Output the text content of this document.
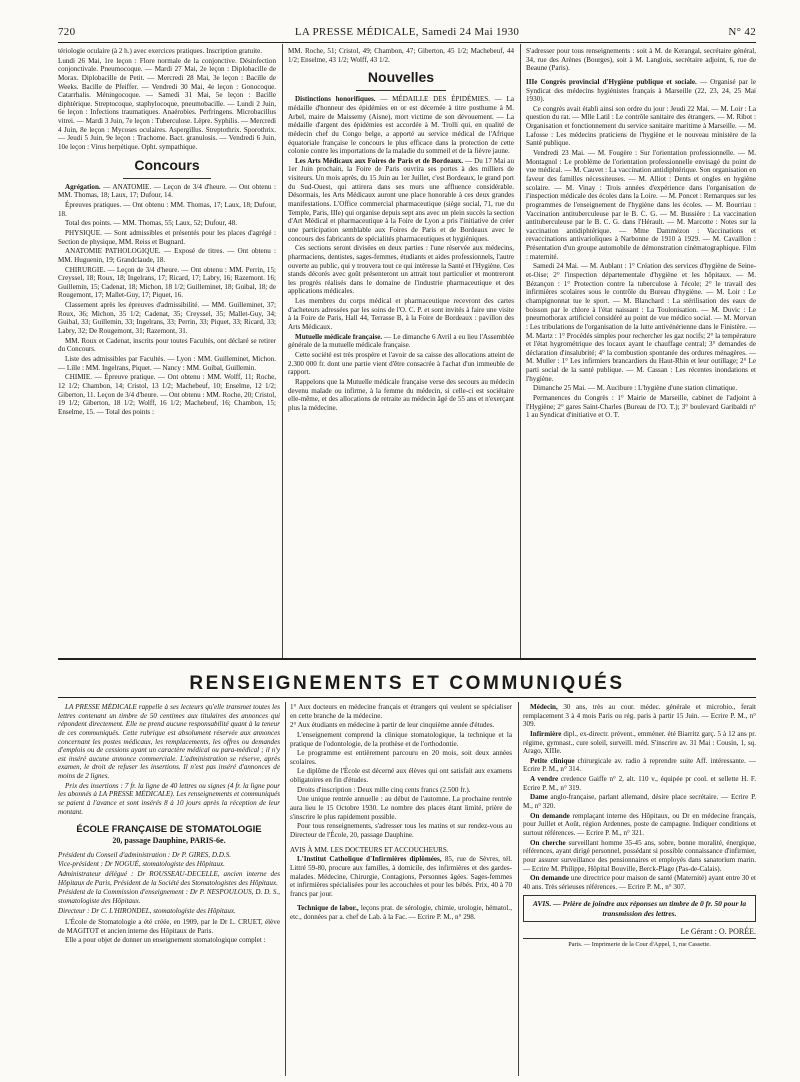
720	LA PRESSE MÉDICALE, Samedi 24 Mai 1930	N° 42

tériologie oculaire (à 2 h.) avec exercices pratiques. Inscription gratuite.

Lundi 26 Mai, 1re leçon : Flore normale de la conjonctive. Désinfection conjonctivale. Pneumocoque. — Mardi 27 Mai, 2e leçon : Diplobacille de Morax. Diplobacille de Petit. — Mercredi 28 Mai, 3e leçon : Bacille de Weeks. Bacille de Pfeiffer. — Vendredi 30 Mai, 4e leçon : Gonocoque. Catarrhalis. Méningocoque. — Samedi 31 Mai, 5e leçon : Bacille diphtérique. Streptocoque, staphylocoque, pneumobacille. — Lundi 2 Juin, 6e leçon : Infections traumatiques. Anaérobies. Perfringens. Microbacillus vitrei. — Mardi 3 Juin, 7e leçon : Tuberculose. Lèpre. Syphilis. — Mercredi 4 Juin, 8e leçon : Mycoses oculaires. Aspergillus. Streptothrix. Sporothrix. — Jeudi 5 Juin, 9e leçon : Trachome. Bact. granulosis. — Vendredi 6 Juin, 10e leçon : Virus herpétique. Opht. sympathique.

Concours

Agrégation. — ANATOMIE. — Leçon de 3/4 d'heure. — Ont obtenu : MM. Thomas, 18; Laux, 17; Dufour, 14.

Épreuves pratiques. — Ont obtenu : MM. Thomas, 17; Laux, 18; Dufour, 18.

Total des points. — MM. Thomas, 55; Laux, 52; Dufour, 48.

PHYSIQUE. — Sont admissibles et présentés pour les places d'agrégé : Section de physique, MM. Reiss et Bugnard.

ANATOMIE PATHOLOGIQUE. — Exposé de titres. — Ont obtenu : MM. Huguenin, 19; Grandclaude, 18.

CHIRURGIE. — Leçon de 3/4 d'heure. — Ont obtenu : MM. Perrin, 15; Creyssel, 18; Roux, 18; Ingelrans, 17; Ricard, 17; Labry, 16; Razemont. 16; Guillemin, 15; Cadenat, 18; Michon, 18 1/2; Guilleminet, 18; Guibal, 18; de Rougemont, 17; Mallet-Guy, 17; Piquet, 16.

Classement après les épreuves d'admissibilité. — MM. Guilleminet, 37; Roux, 36; Michon, 35 1/2; Cadenat, 35; Creyssel, 35; Mallet-Guy, 34; Guibal, 33; Guillemin, 33; Ingelrans, 33; Perrin, 33; Piquet, 33; Ricard, 33; Labry, 32; De Rougemont, 31; Razemont, 31.

MM. Roux et Cadenat, inscrits pour toutes Facultés, ont déclaré se retirer du Concours.

Liste des admissibles par Facultés. — Lyon : MM. Guilleminet, Michon. — Lille : MM. Ingelrans, Piquet. — Nancy : MM. Guibal, Guillemin.

CHIMIE. — Épreuve pratique. — Ont obtenu : MM. Wolff, 11; Roche, 12 1/2; Chambon, 14; Cristol, 13 1/2; Machebeuf, 10; Enselme, 12 1/2; Giberton, 11. Leçon de 3/4 d'heure. — Ont obtenu : MM. Roche, 20; Cristol, 19 1/2; Giberton, 18 1/2; Wolff, 16 1/2; Machebeuf, 16; Chambon, 15; Enselme, 15. — Total des points :

MM. Roche, 51; Cristol, 49; Chambon, 47; Giberton, 45 1/2; Machebeuf, 44 1/2; Enselme, 43 1/2; Wolff, 43 1/2.

Nouvelles

Distinctions honorifiques. — MÉDAILLE DES ÉPIDÉMIES. — La médaille d'honneur des épidémies en or est décernée à titre posthume à M. Arbel, maire de Maissemy (Aisne), mort victime de son dévouement. — La médaille d'argent des épidémies est accordée à M. Trolli qui, en qualité de médecin chef du Congo belge, a apporté au service médical de l'Afrique équatoriale française le concours le plus efficace dans la protection de cette colonie contre les importations de la maladie du sommeil et de la fièvre jaune.

Les Arts Médicaux aux Foires de Paris et de Bordeaux. — Du 17 Mai au 1er Juin prochain, la Foire de Paris ouvrira ses portes à des milliers de visiteurs. Un mois après, du 15 Juin au 1er Juillet, c'est Bordeaux, le grand port du Sud-Ouest, qui attirera dans ses murs une affluence considérable. Désormais, les Arts Médicaux auront une place honorable à ces deux grandes manifestations. L'Office commercial pharmaceutique (siège social, 71, rue du Temple, Paris, IIIe) qui organise depuis sept ans avec un plein succès la section d'Art Médical et pharmaceutique à la Foire de Lyon a pris l'initiative de créer une participation semblable aux Foires de Paris et de Bordeaux avec le concours des fabricants de spécialités pharmaceutiques et hygiéniques.

Ces sections seront divisées en deux parties : l'une réservée aux médecins, pharmaciens, dentistes, sages-femmes, étudiants et aides professionnels, l'autre ouverte au public, qui y trouvera tout ce qui intéresse la Santé et l'Hygiène. Ces stands décorés avec goût présenteront un attrait tout particulier et montreront les progrès réalisés dans le domaine de l'industrie pharmaceutique et des applications médicales.

Les membres du corps médical et pharmaceutique recevront des cartes d'acheteurs adressées par les soins de l'O. C. P. et sont invités à faire une visite à la Foire de Paris, Hall 44, Terrasse B, à la Foire de Bordeaux : pavillon des Arts Médicaux.

Mutuelle médicale française. — Le dimanche 6 Avril a eu lieu l'Assemblée générale de la mutuelle médicale française.

Cette société est très prospère et l'avoir de sa caisse des allocations atteint de 2.300 000 fr. dont une partie vient d'être consacrée à l'achat d'un immeuble de rapport.

Rappelons que la Mutuelle médicale française verse des secours au médecin devenu malade ou infirme, à la femme du médecin, si celle-ci est sociétaire elle-même, et des allocations de retraite au médecin âgé de 55 ans et n'exerçant plus la médecine.

S'adresser pour tous renseignements : soit à M. de Kerangal, secrétaire général, 34, rue des Arènes (Bourges), soit à M. Langlois, secrétaire adjoint, 6, rue de Beaune (Paris).

IIIe Congrès provincial d'Hygiène publique et sociale. — Organisé par le Syndicat des médecins hygiénistes français à Marseille (22, 23, 24, 25 Mai 1930).

Ce congrès avait établi ainsi son ordre du jour : Jeudi 22 Mai. — M. Loir : La question du rat. — Mlle Latil : Le contrôle sanitaire des étrangers. — M. Ribot : Organisation et fonctionnement du service sanitaire maritime à Marseille. — M. Lafosse : Les médecins praticiens de l'hygiène et le nouveau ministère de la Santé publique.

Vendredi 23 Mai. — M. Fougère : Sur l'orientation professionnelle. — M. Montagnol : Le problème de l'orientation professionnelle envisagé du point de vue médical. — M. Cauvet : La vaccination antidiphtérique. Son organisation en faveur des familles nécessiteuses. — M. Alliot : Dents et ongles en hygiène scolaire. — M. Vinay : Trois années d'expérience dans l'organisation de l'inspection médicale des écoles dans la Loire. — M. Poncet : Remarques sur les programmes de l'enseignement de l'hygiène dans les écoles. — M. Bourriau : Vaccination antituberculeuse par le B. C. G. — M. Bussière : La vaccination antituberculeuse par le B. C. G. dans l'Hérault. — M. Marcotte : Notes sur la vaccination antidiphtérique. — Mme Dammézon : Vaccinations et revaccinations antivarioliques à Narbonne de 1910 à 1929. — M. Cavaillon : Présentation d'un groupe automobile de démonstration cinématographique. Film : maternité.

Samedi 24 Mai. — M. Aublant : 1° Création des services d'hygiène de Seine-et-Oise; 2° l'inspection départementale d'hygiène et les hôpitaux. — M. Bézançon : 1° Protection contre la tuberculose à l'école; 2° le travail des infirmières scolaires sous le contrôle du Bureau d'hygiène. — M. Loir : Le champignonnat tue le sport. — M. Blanchard : La stérilisation des eaux de boisson par le chlore à l'état naissant : La Toulonisation. — M. Duvic : Le pneumothorax artificiel considéré au point de vue médico social. — M. Morvan : Les tribulations de l'organisation de la lutte antivénérienne dans le Finistère. — M. Martz : 1° Procédés simples pour rechercher les gaz nocifs; 2° la température et l'état hygrométrique des locaux ayant le chauffage central; 3° demandes de déclaration d'insalubrité; 4° la combustion spontanée des ordures ménagères. — M. Muller : 1° Les infirmiers brancardiers du Haut-Rhin et leur outillage; 2° Le parti social de la santé publique. — M. Cassan : Les récentes inondations et l'hygiène.

Dimanche 25 Mai. — M. Aucibure : L'hygiène d'une station climatique.

Permanences du Congrès : 1° Mairie de Marseille, cabinet de l'adjoint à l'Hygiène; 2° gares Saint-Charles (Bureau de l'O. T.); 3° boulevard Garibaldi n° 1 au Syndicat d'initiative et O. T.

RENSEIGNEMENTS ET COMMUNIQUÉS

LA PRESSE MÉDICALE rappelle à ses lecteurs qu'elle transmet toutes les lettres contenant un timbre de 50 centimes aux titulaires des annonces qui répondent directement. Elle ne prend aucune responsabilité quant à la teneur de ces communiqués. Cette rubrique est absolument réservée aux annonces concernant les postes médicaux, les remplacements, les offres ou demandes d'emplois ou de cessions ayant un caractère médical ou para-médical ; il n'y est inséré aucune annonce commerciale. L'administration se réserve, après examen, le droit de refuser les insertions. Il n'est pas inséré d'annonces de moins de 2 lignes.

Prix des insertions : 7 fr. la ligne de 40 lettres ou signes (4 fr. la ligne pour les abonnés à LA PRESSE MÉDICALE). Les renseignements et communiqués se paient à l'avance et sont insérés 8 à 10 jours après la réception de leur montant.

ÉCOLE FRANÇAISE DE STOMATOLOGIE
20, passage Dauphine, PARIS-6e.

Président du Conseil d'administration : Dr P. GIRES, D.D.S.

Vice-président : Dr NOGUÉ, stomatologiste des Hôpitaux.

Administrateur délégué : Dr ROUSSEAU-DECELLE, ancien interne des Hôpitaux de Paris, Président de la Société des Stomatologistes des Hôpitaux.

Président de la Commission d'enseignement : Dr P. NESPOULOUS, D. D. S., stomatologiste des Hôpitaux.

Directeur : Dr C. L'HIRONDEL, stomatologiste des Hôpitaux.

L'École de Stomatologie a été créée, en 1909, par le Dr L. CRUET, élève de MAGITOT et ancien interne des Hôpitaux de Paris.

Elle a pour objet de donner un enseignement stomatologique complet :

1° Aux docteurs en médecine français et étrangers qui veulent se spécialiser en cette branche de la médecine.

2° Aux étudiants en médecine à partir de leur cinquième année d'études.

L'enseignement comprend la clinique stomatologique, la technique et la pratique de l'odontologie, de la prothèse et de l'orthodontie.

Le programme est entièrement parcouru en 20 mois, soit deux années scolaires.

Le diplôme de l'École est décerné aux élèves qui ont satisfait aux examens obligatoires en fin d'études.

Droits d'inscription : Deux mille cinq cents francs (2.500 fr.).

Une unique rentrée annuelle : au début de l'automne. La prochaine rentrée aura lieu le 15 Octobre 1930. Le nombre des places étant limité, prière de s'inscrire le plus rapidement possible.

Pour tous renseignements, s'adresser tous les matins et sur rendez-vous au Directeur de l'École, 20, passage Dauphine.

AVIS À MM. LES DOCTEURS ET ACCOUCHEURS.

L'Institut Catholique d'Infirmières diplômées, 85, rue de Sèvres, tél. Littré 59-80, procure aux familles, à domicile, des infirmières et des gardes-malades. Médecine, Chirurgie, Contagions, Personnes âgées. Sages-femmes et infirmières spécialisées pour les accouchées et pour les bébés. Prix, 40 à 70 francs par jour.

Technique de labor., leçons prat. de sérologie, chimie, urologie, hématol., etc., données par a. chef de Lab. à la Fac. — Ecrire P. M., n° 298.

Médecin, 30 ans, très au cour. médec. générale et microbio., ferait remplacement 3 à 4 mois Paris ou rég. paris à partir 15 Juin. — Ecrire P. M., n° 309.

Infirmière dipl., ex-directr. prévent., emmèner. été Biarritz garç. 5 à 12 ans pr. régime, gymnast., cure soleil, surveill. méd. S'inscrire av. 31 Mai : Cousin, 1, sq. Arago, XIIIe.

Petite clinique chirurgicale av. radio à reprendre suite Aff. intéressante. — Ecrire P. M., n° 314.

A vendre credence Gaiffe n° 2, alt. 110 v., équipée pr cool. et sellette H. F. Ecrire P. M., n° 319.

Dame anglo-française, parlant allemand, désire place secrétaire. — Ecrire P. M., n° 320.

On demande remplaçant interne des Hôpitaux, ou Dr en médecine français, pour Juillet et Août, région Ardennes, poste de campagne. Indiquer conditions et surtout références. — Ecrire P. M., n° 321.

On cherche surveillant homme 35-45 ans, sobre, bonne moralité, énergique, références, ayant dirigé personnel, possédant si possible connaissance d'infirmier, pour assurer surveillance des pensionnaires et employés dans sanatorium marin. — Ecrire M. Philippe, Hôpital Bouville, Berck-Plage (Pas-de-Calais).

On demande une directrice pour maison de santé (Maternité) ayant entre 30 et 40 ans. Très sérieuses références. — Ecrire P. M., n° 307.

AVIS. — Prière de joindre aux réponses un timbre de 0 fr. 50 pour la transmission des lettres.
Le Gérant : O. PORÉE.
Paris. — Imprimerie de la Cour d'Appel, 1, rue Cassette.
